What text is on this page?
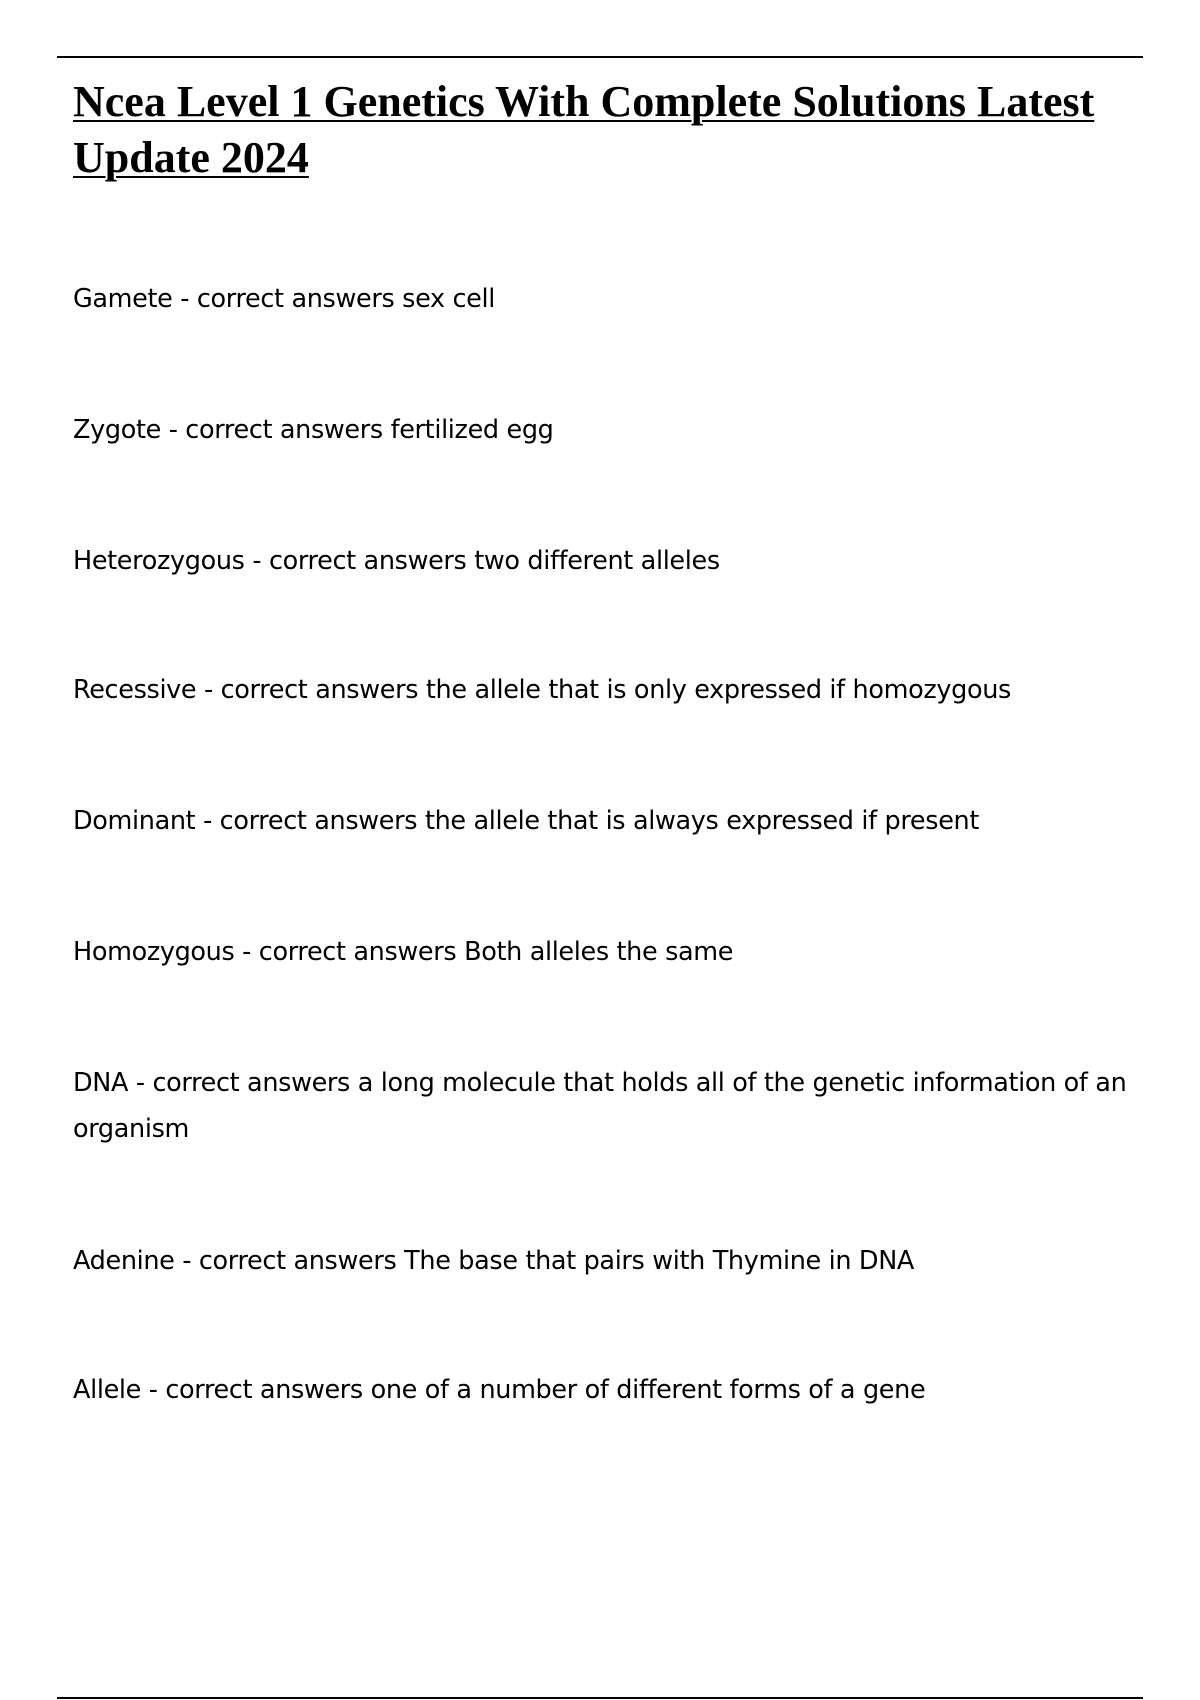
Ncea Level 1 Genetics With Complete Solutions Latest Update 2024
Gamete - correct answers sex cell
Zygote - correct answers fertilized egg
Heterozygous - correct answers two different alleles
Recessive - correct answers the allele that is only expressed if homozygous
Dominant - correct answers the allele that is always expressed if present
Homozygous - correct answers Both alleles the same
DNA - correct answers a long molecule that holds all of the genetic information of an organism
Adenine - correct answers The base that pairs with Thymine in DNA
Allele - correct answers one of a number of different forms of a gene
